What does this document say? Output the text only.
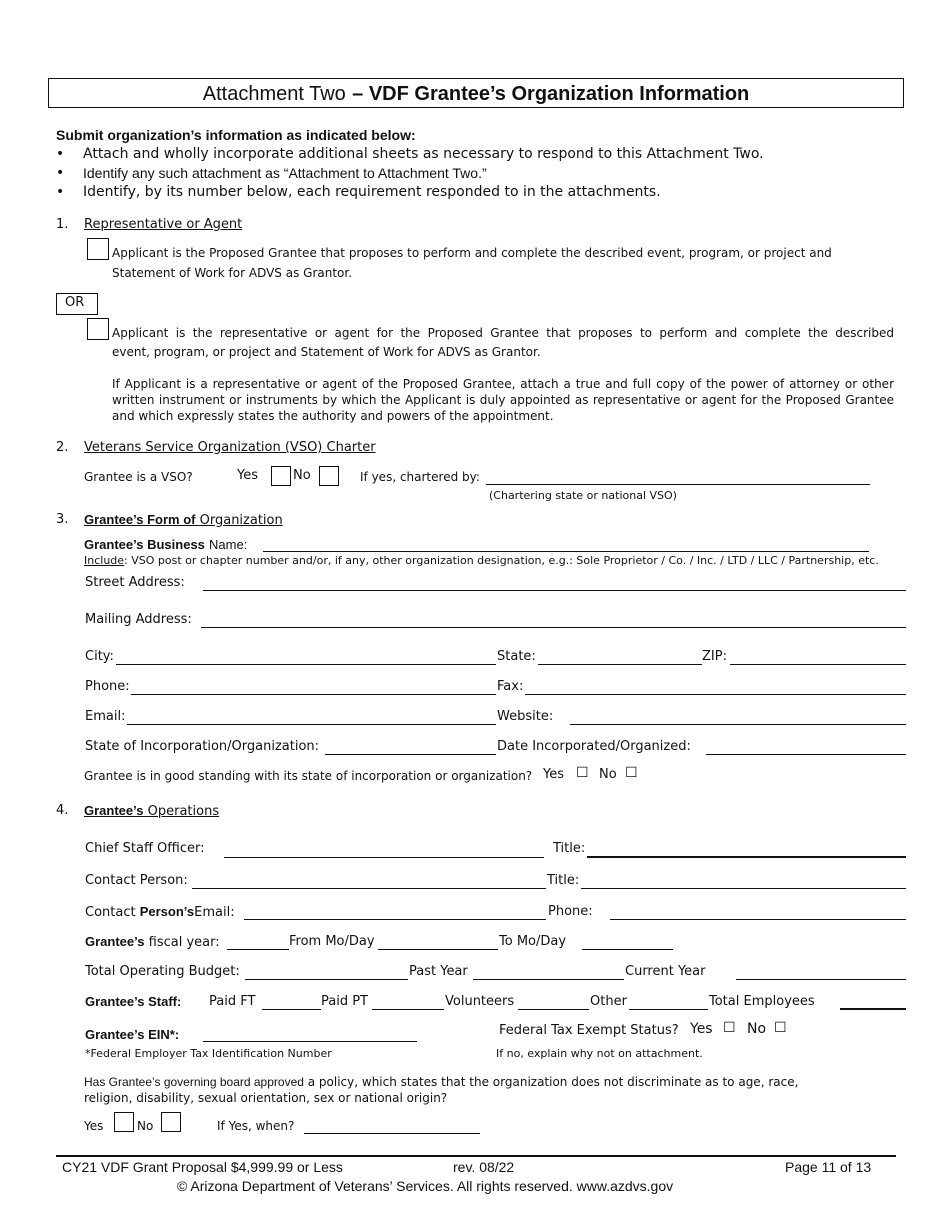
Attachment Two – VDF Grantee’s Organization Information
Submit organization’s information as indicated below:
• Attach and wholly incorporate additional sheets as necessary to respond to this Attachment Two.
• Identify any such attachment as “Attachment to Attachment Two.”
• Identify, by its number below, each requirement responded to in the attachments.
1. Representative or Agent
Applicant is the Proposed Grantee that proposes to perform and complete the described event, program, or project and
Statement of Work for ADVS as Grantor.
OR
Applicant is the representative or agent for the Proposed Grantee that proposes to perform and complete the described
event, program, or project and Statement of Work for ADVS as Grantor.
If Applicant is a representative or agent of the Proposed Grantee, attach a true and full copy of the power of attorney or other written instrument or instruments by which the Applicant is duly appointed as representative or agent for the Proposed Grantee and which expressly states the authority and powers of the appointment.
2. Veterans Service Organization (VSO) Charter
Grantee is a VSO?	Yes	No	If yes, chartered by:
(Chartering state or national VSO)
3. Grantee’s Form of Organization
Grantee’s Business Name:
Include: VSO post or chapter number and/or, if any, other organization designation, e.g.: Sole Proprietor / Co. / Inc. / LTD / LLC / Partnership, etc.
Street Address:
Mailing Address:
City:	State:	ZIP:
Phone:	Fax:
Email:	Website:
State of Incorporation/Organization:	Date Incorporated/Organized:
Grantee is in good standing with its state of incorporation or organization? Yes ☐ No ☐
4. Grantee’s Operations
Chief Staff Officer:	Title:
Contact Person:	Title:
Contact Person’sEmail:	Phone:
Grantee’s fiscal year:	From Mo/Day	To Mo/Day
Total Operating Budget:	Past Year	Current Year
Grantee’s Staff: Paid FT	Paid PT	Volunteers	Other	Total Employees
Grantee’s EIN*:
*Federal Employer Tax Identification Number
Federal Tax Exempt Status? Yes ☐ No ☐
If no, explain why not on attachment.
Has Grantee’s governing board approved a policy, which states that the organization does not discriminate as to age, race,
religion, disability, sexual orientation, sex or national origin?
Yes	No	If Yes, when?
CY21 VDF Grant Proposal $4,999.99 or Less	rev. 08/22	Page 11 of 13
© Arizona Department of Veterans’ Services. All rights reserved. www.azdvs.gov
